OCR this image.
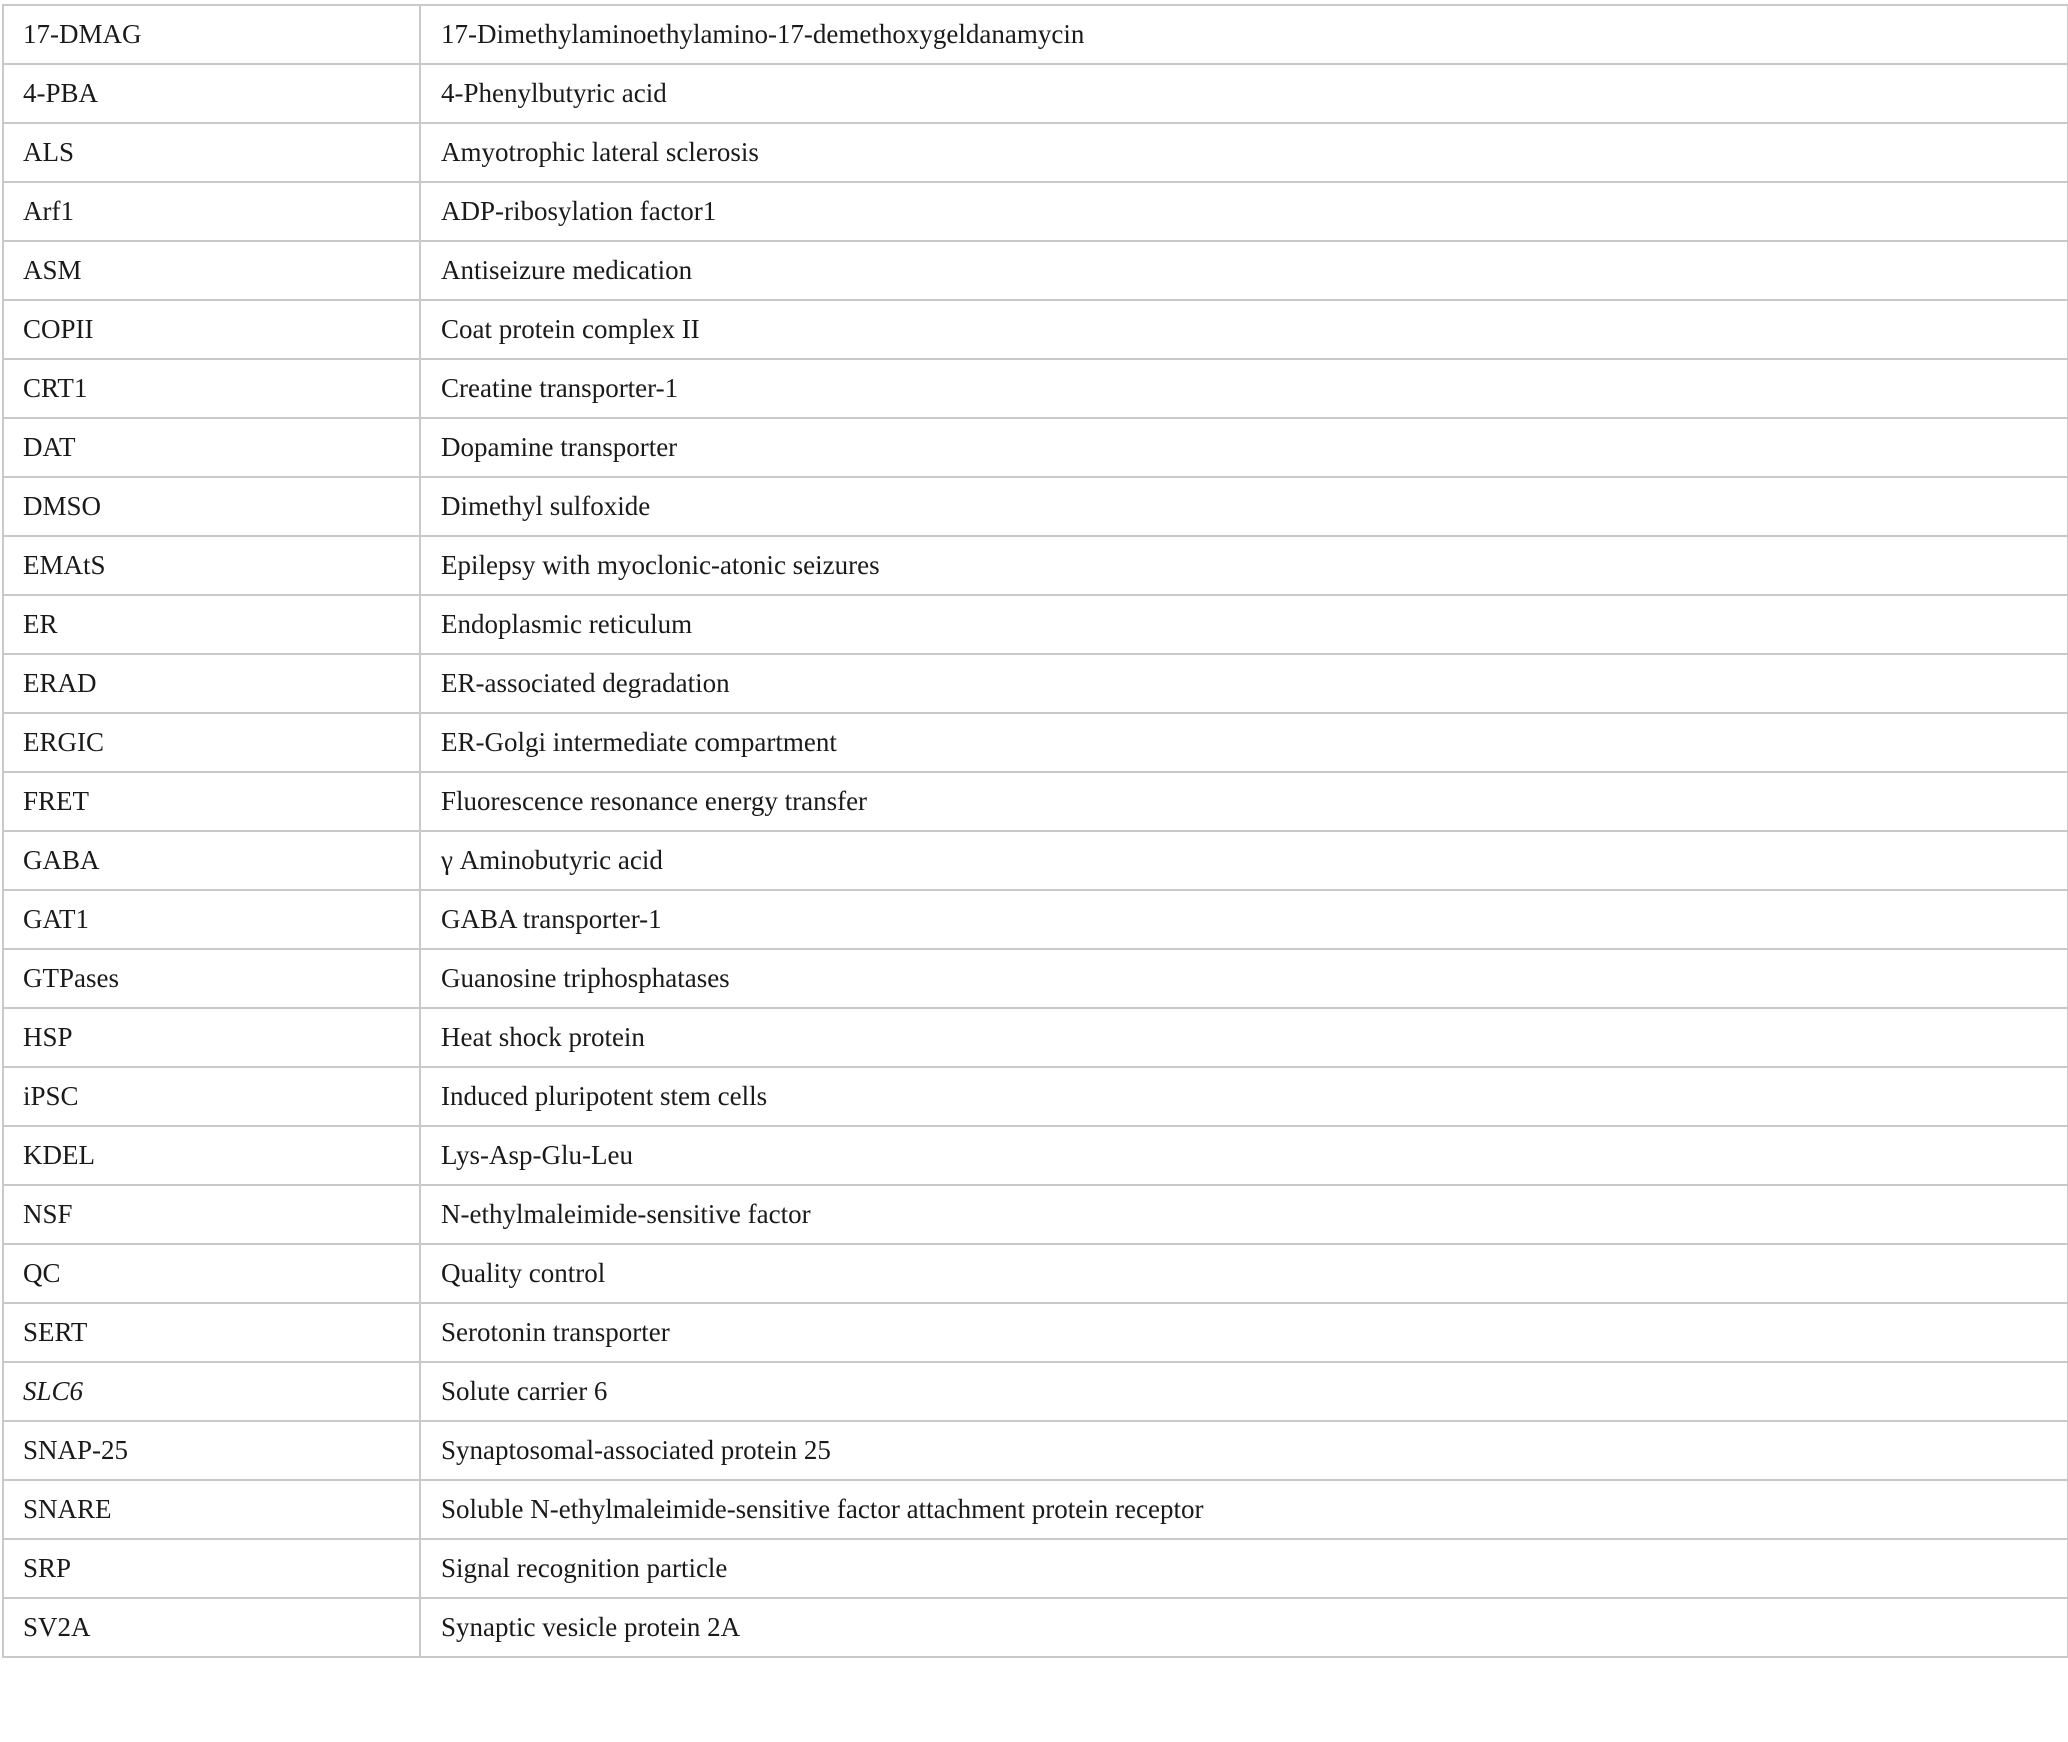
17-DMAG	17-Dimethylaminoethylamino-17-demethoxygeldanamycin
4-PBA	4-Phenylbutyric acid
ALS	Amyotrophic lateral sclerosis
Arf1	ADP-ribosylation factor1
ASM	Antiseizure medication
COPII	Coat protein complex II
CRT1	Creatine transporter-1
DAT	Dopamine transporter
DMSO	Dimethyl sulfoxide
EMAtS	Epilepsy with myoclonic-atonic seizures
ER	Endoplasmic reticulum
ERAD	ER-associated degradation
ERGIC	ER-Golgi intermediate compartment
FRET	Fluorescence resonance energy transfer
GABA	γ Aminobutyric acid
GAT1	GABA transporter-1
GTPases	Guanosine triphosphatases
HSP	Heat shock protein
iPSC	Induced pluripotent stem cells
KDEL	Lys-Asp-Glu-Leu
NSF	N-ethylmaleimide-sensitive factor
QC	Quality control
SERT	Serotonin transporter
SLC6	Solute carrier 6
SNAP-25	Synaptosomal-associated protein 25
SNARE	Soluble N-ethylmaleimide-sensitive factor attachment protein receptor
SRP	Signal recognition particle
SV2A	Synaptic vesicle protein 2A
